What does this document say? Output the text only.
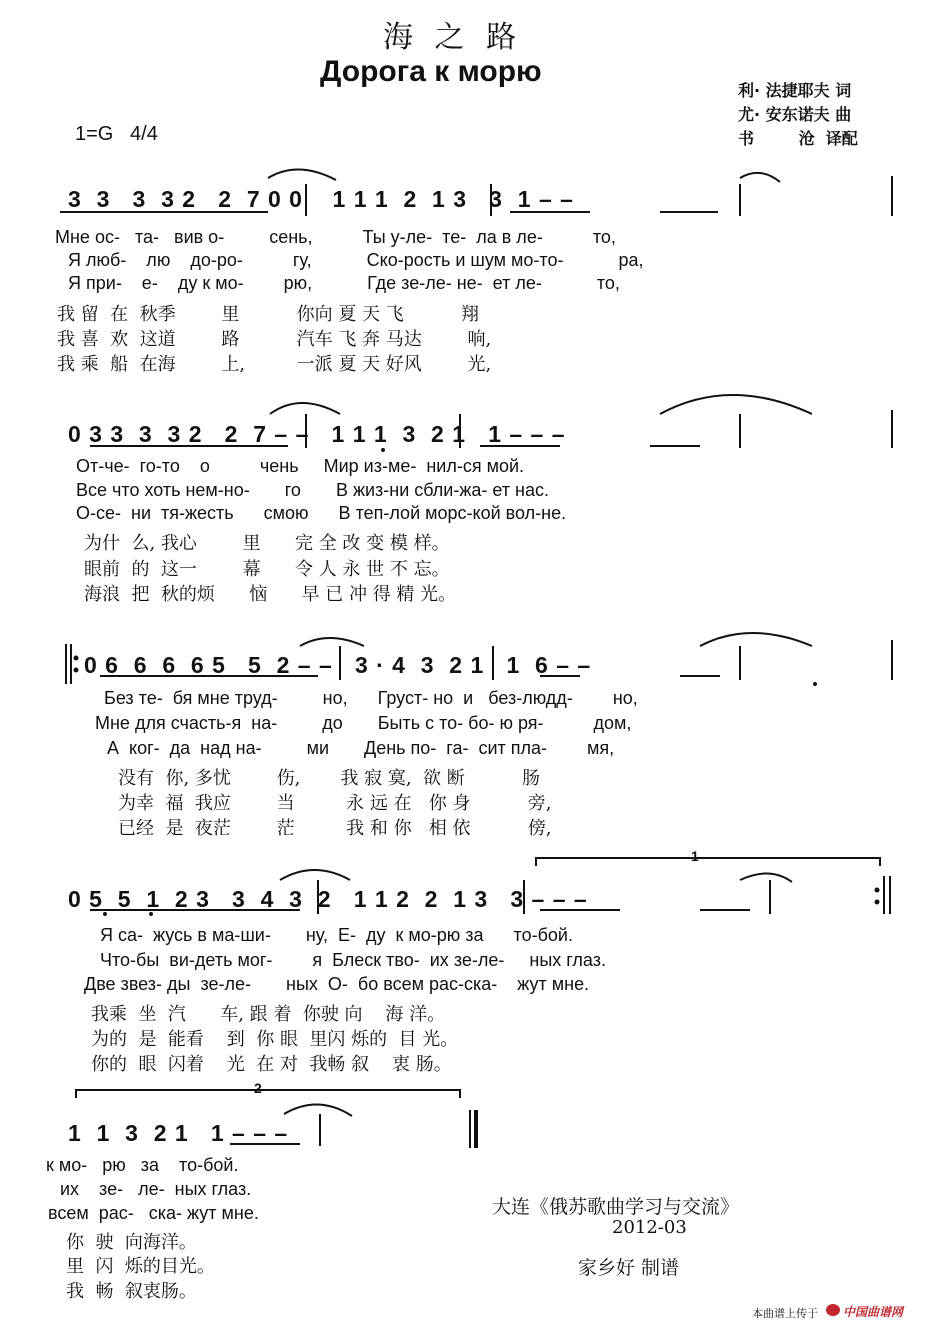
海 之 路
Дорога к морю
1=G   4/4
利· 法捷耶夫 词
尤· 安东诺夫 曲
书        沧  译配
3  3   3  3 2   2  7 0 0    1 1 1  2  1 3   3  1 – –
Мне ос-   та-   вив о-         сень,          Ты у-ле-  те-  ла в ле-          то,
Я люб-    лю    до-ро-          гу,           Ско-рость и шум мо-то-           ра,
Я при-    е-    ду к мо-        рю,           Где зе-ле- не-  ет ле-           то,
我 留  在  秋季        里          你向 夏 天 飞          翔
我 喜  欢  这道        路          汽车 飞 奔 马达        响,
我 乘  船  在海        上,         一派 夏 天 好风        光,
0 3 3  3  3 2   2  7 – –   1 1 1  3  2 1   1 – – –
От-че-  го-то    о          чень     Мир из-ме-  нил-ся мой.
Все что хоть нем-но-       го       В жиз-ни сбли-жа- ет нас.
О-се-  ни  тя-жесть      смою      В теп-лой морс-кой вол-не.
为什  么, 我心        里      完 全 改 变 模 样。
眼前  的  这一        幕      令 人 永 世 不 忘。
海浪  把  秋的烦      恼      早 已 冲 得 精 光。
0 6  6  6  6 5   5  2 – –   3 · 4  3  2 1   1  6 – –
Без те-  бя мне труд-         но,      Груст- но  и   без-людд-        но,
Мне для счасть-я  на-         до       Быть с то- бо- ю ря-          дом,
А  ког-  да  над на-         ми       День по-  га-  сит пла-        мя,
没有  你, 多忧        伤,       我 寂 寞,  欲 断          肠
为幸  福  我应        当         永 远 在   你 身          旁,
已经  是  夜茫        茫         我 和 你   相 依          傍,
1
0 5  5  1  2 3   3  4  3  2   1 1 2  2  1 3   3 – – –
Я са-  жусь в ма-ши-       ну,  Е-  ду  к мо-рю за      то-бой.
Что-бы  ви-деть мог-        я  Блеск тво-  их зе-ле-     ных глаз.
Две звез- ды  зе-ле-       ных  О-  бо всем рас-ска-    жут мне.
我乘  坐  汽      车, 跟 着  你驶 向    海 洋。
为的  是  能看    到  你 眼  里闪 烁的  目 光。
你的  眼  闪着    光  在 对  我畅 叙    衷 肠。
2
1  1  3  2 1   1 – – –
к мо-   рю   за    то-бой.
их    зе-   ле-  ных глаз.
всем  рас-   ска- жут мне.
你  驶  向海洋。
里  闪  烁的目光。
我  畅  叙衷肠。
大连《俄苏歌曲学习与交流》
2012-03
家乡好 制谱
本曲谱上传于 中国曲谱网
